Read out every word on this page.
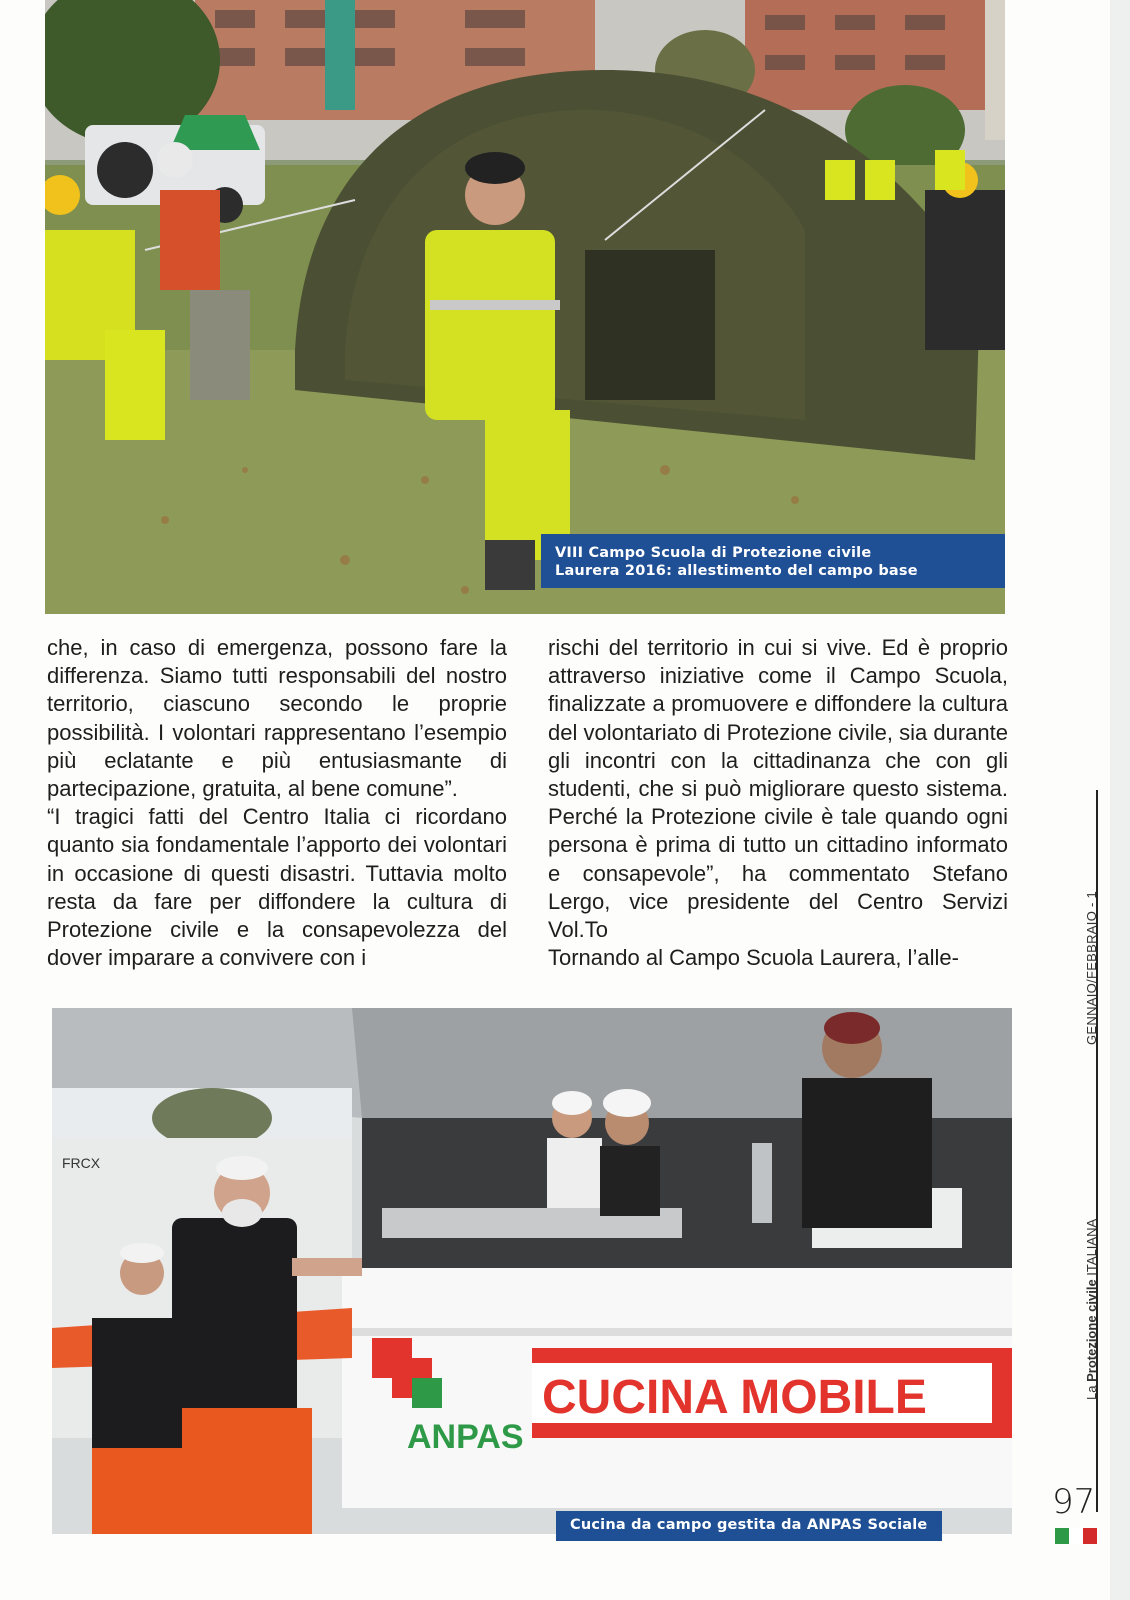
VIII Campo Scuola di Protezione civile
Laurera 2016: allestimento del campo base

che, in caso di emergenza, possono fare la differenza. Siamo tutti responsabili del nostro territorio, ciascuno secondo le proprie possibilità. I volontari rappresentano l’esempio più eclatante e più entusiasmante di partecipazione, gratuita, al bene comune”.

“I tragici fatti del Centro Italia ci ricordano quanto sia fondamentale l’apporto dei volontari in occasione di questi disastri. Tuttavia molto resta da fare per diffondere la cultura di Protezione civile e la consapevolezza del dover imparare a convivere con i

rischi del territorio in cui si vive. Ed è proprio attraverso iniziative come il Campo Scuola, finalizzate a promuovere e diffondere la cultura del volontariato di Protezione civile, sia durante gli incontri con la cittadinanza che con gli studenti, che si può migliorare questo sistema. Perché la Protezione civile è tale quando ogni persona è prima di tutto un cittadino informato e consapevole”, ha commentato Stefano Lergo, vice presidente del Centro Servizi Vol.To

Tornando al Campo Scuola Laurera, l’alle-

FRCX
ANPAS
CUCINA MOBILE
Cucina da campo gestita da ANPAS Sociale
GENNAIO/FEBBRAIO - 1
La Protezione civile ITALIANA
97
